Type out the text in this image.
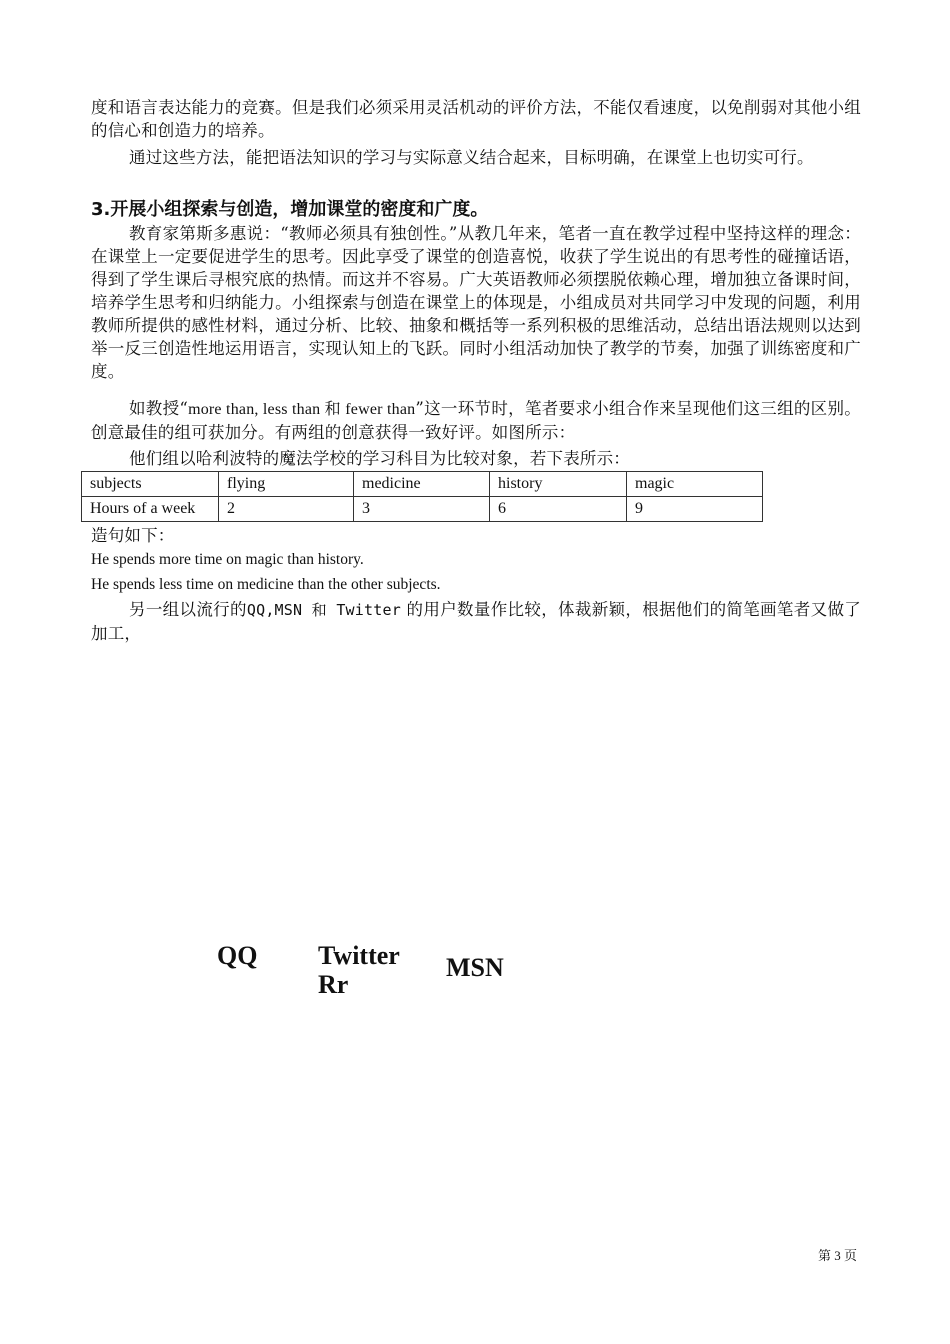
度和语言表达能力的竞赛。但是我们必须采用灵活机动的评价方法，不能仅看速度，以免削弱对其他小组的信心和创造力的培养。
通过这些方法，能把语法知识的学习与实际意义结合起来，目标明确，在课堂上也切实可行。
3.开展小组探索与创造，增加课堂的密度和广度。
教育家第斯多惠说：“教师必须具有独创性。”从教几年来，笔者一直在教学过程中坚持这样的理念：在课堂上一定要促进学生的思考。因此享受了课堂的创造喜悦，收获了学生说出的有思考性的碰撞话语，得到了学生课后寻根究底的热情。而这并不容易。广大英语教师必须摆脱依赖心理，增加独立备课时间，培养学生思考和归纳能力。小组探索与创造在课堂上的体现是，小组成员对共同学习中发现的问题，利用教师所提供的感性材料，通过分析、比较、抽象和概括等一系列积极的思维活动，总结出语法规则以达到举一反三创造性地运用语言，实现认知上的飞跃。同时小组活动加快了教学的节奏，加强了训练密度和广度。
如教授“more than, less than 和 fewer than”这一环节时，笔者要求小组合作来呈现他们这三组的区别。创意最佳的组可获加分。有两组的创意获得一致好评。如图所示：
他们组以哈利波特的魔法学校的学习科目为比较对象，若下表所示：
subjects	flying	medicine	history	magic
Hours of a week	2	3	6	9
造句如下：
He spends more time on magic than history.
He spends less time on medicine than the other subjects.
另一组以流行的QQ,MSN 和 Twitter 的用户数量作比较，体裁新颖，根据他们的简笔画笔者又做了加工，
QQ Twitter
Rr
MSN
第 3 页
